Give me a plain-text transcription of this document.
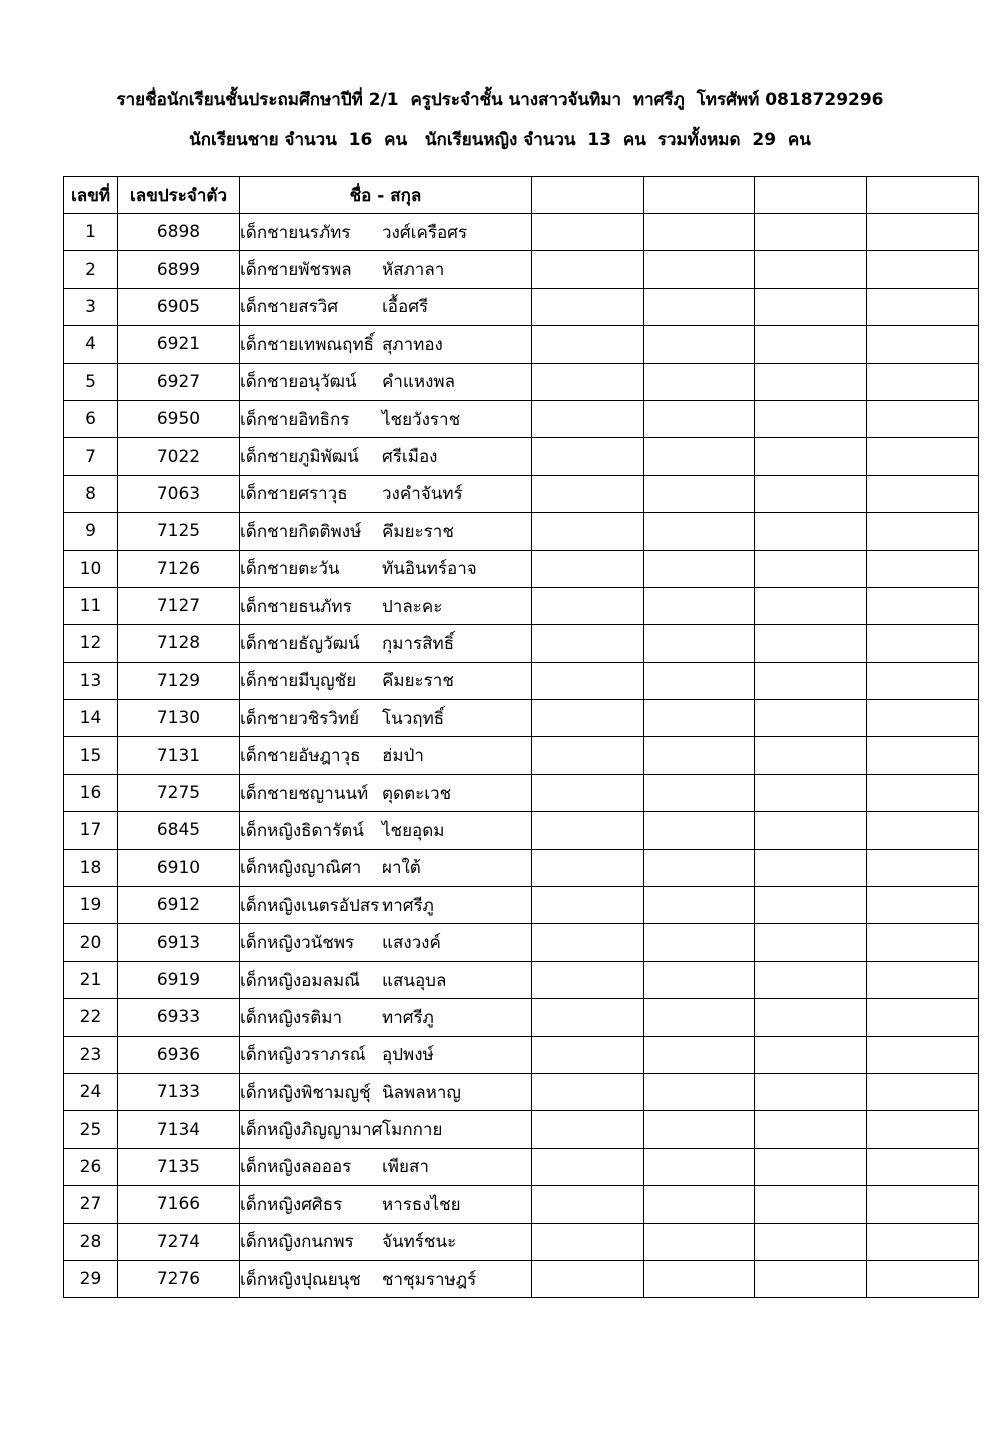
รายชื่อนักเรียนชั้นประถมศึกษาปีที่ 2/1  ครูประจำชั้น นางสาวจันทิมา  ทาศรีภู  โทรศัพท์ 0818729296
นักเรียนชาย จำนวน  16  คน   นักเรียนหญิง จำนวน  13  คน  รวมทั้งหมด  29  คน
เลขที่	เลขประจำตัว	ชื่อ - สกุล				
1	6898	เด็กชายนรภัทร วงศ์เครือศร				
2	6899	เด็กชายพัชรพล หัสภาลา				
3	6905	เด็กชายสรวิศ เอื้อศรี				
4	6921	เด็กชายเทพณฤทธิ์ สุภาทอง				
5	6927	เด็กชายอนุวัฒน์ คำแหงพล				
6	6950	เด็กชายอิทธิกร ไชยวังราช				
7	7022	เด็กชายภูมิพัฒน์ ศรีเมือง				
8	7063	เด็กชายศราวุธ วงคำจันทร์				
9	7125	เด็กชายกิตติพงษ์ คึมยะราช				
10	7126	เด็กชายตะวัน ทันอินทร์อาจ				
11	7127	เด็กชายธนภัทร ปาละคะ				
12	7128	เด็กชายธัญวัฒน์ กุมารสิทธิ์				
13	7129	เด็กชายมีบุญชัย คึมยะราช				
14	7130	เด็กชายวชิรวิทย์ โนวฤทธิ์				
15	7131	เด็กชายอัษฎาวุธ ฮ่มป่า				
16	7275	เด็กชายชญานนท์ ตุดตะเวช				
17	6845	เด็กหญิงธิดารัตน์ ไชยอุดม				
18	6910	เด็กหญิงญาณิศา ผาใต้				
19	6912	เด็กหญิงเนตรอัปสร ทาศรีภู				
20	6913	เด็กหญิงวนัชพร แสงวงค์				
21	6919	เด็กหญิงอมลมณี แสนอุบล				
22	6933	เด็กหญิงรติมา ทาศรีภู				
23	6936	เด็กหญิงวราภรณ์ อุปพงษ์				
24	7133	เด็กหญิงพิชามญชุ์ นิลพลหาญ				
25	7134	เด็กหญิงภิญญามาศโมกกาย				
26	7135	เด็กหญิงลอออร เพียสา				
27	7166	เด็กหญิงศศิธร หารธงไชย				
28	7274	เด็กหญิงกนกพร จันทร์ชนะ				
29	7276	เด็กหญิงปุณยนุช ชาชุมราษฎร์				
